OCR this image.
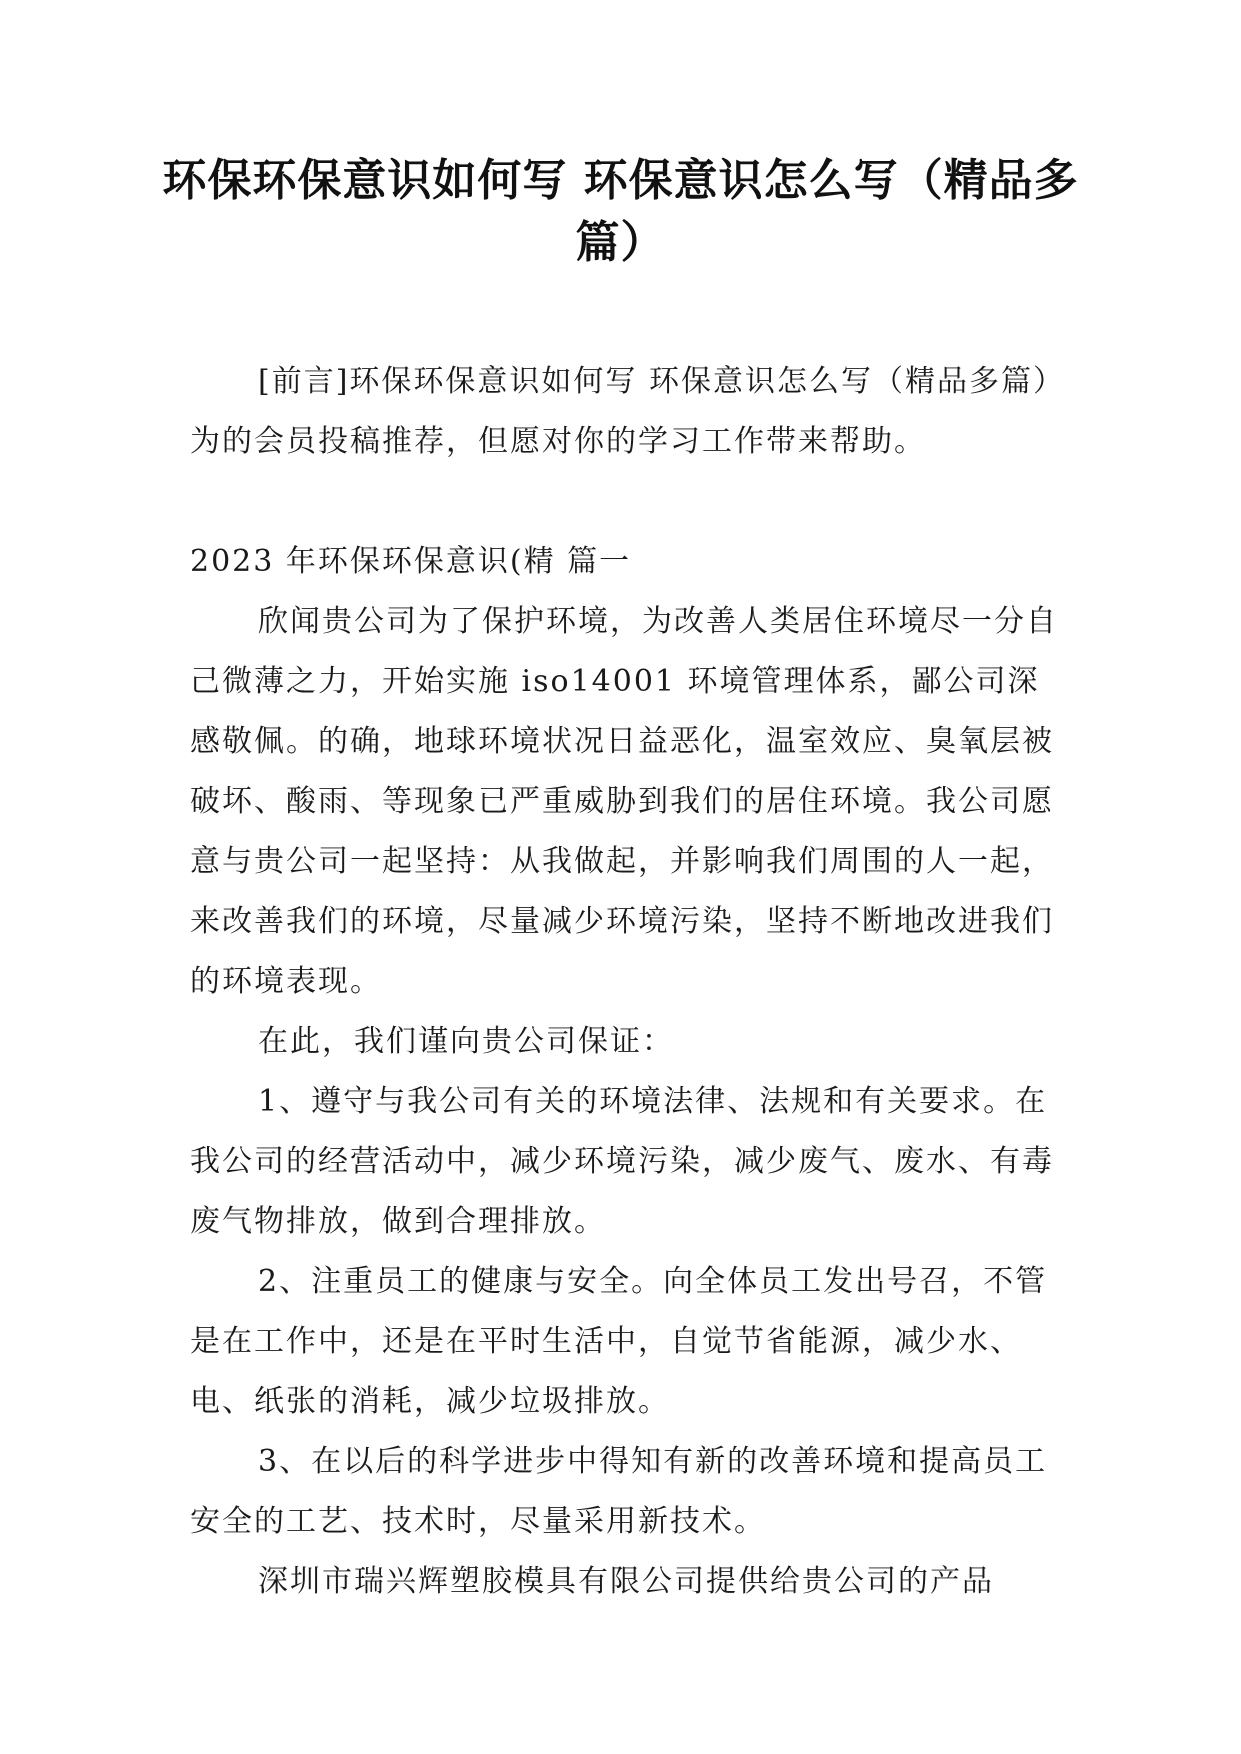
环保环保意识如何写 环保意识怎么写（精品多篇）

[前言]环保环保意识如何写 环保意识怎么写（精品多篇）为的会员投稿推荐，但愿对你的学习工作带来帮助。

2023 年环保环保意识(精 篇一

欣闻贵公司为了保护环境，为改善人类居住环境尽一分自己微薄之力，开始实施 iso14001 环境管理体系，鄙公司深感敬佩。的确，地球环境状况日益恶化，温室效应、臭氧层被破坏、酸雨、等现象已严重威胁到我们的居住环境。我公司愿意与贵公司一起坚持：从我做起，并影响我们周围的人一起，来改善我们的环境，尽量减少环境污染，坚持不断地改进我们的环境表现。

在此，我们谨向贵公司保证：

1、遵守与我公司有关的环境法律、法规和有关要求。在我公司的经营活动中，减少环境污染，减少废气、废水、有毒废气物排放，做到合理排放。

2、注重员工的健康与安全。向全体员工发出号召，不管是在工作中，还是在平时生活中，自觉节省能源，减少水、电、纸张的消耗，减少垃圾排放。

3、在以后的科学进步中得知有新的改善环境和提高员工安全的工艺、技术时，尽量采用新技术。

深圳市瑞兴辉塑胶模具有限公司提供给贵公司的产品
